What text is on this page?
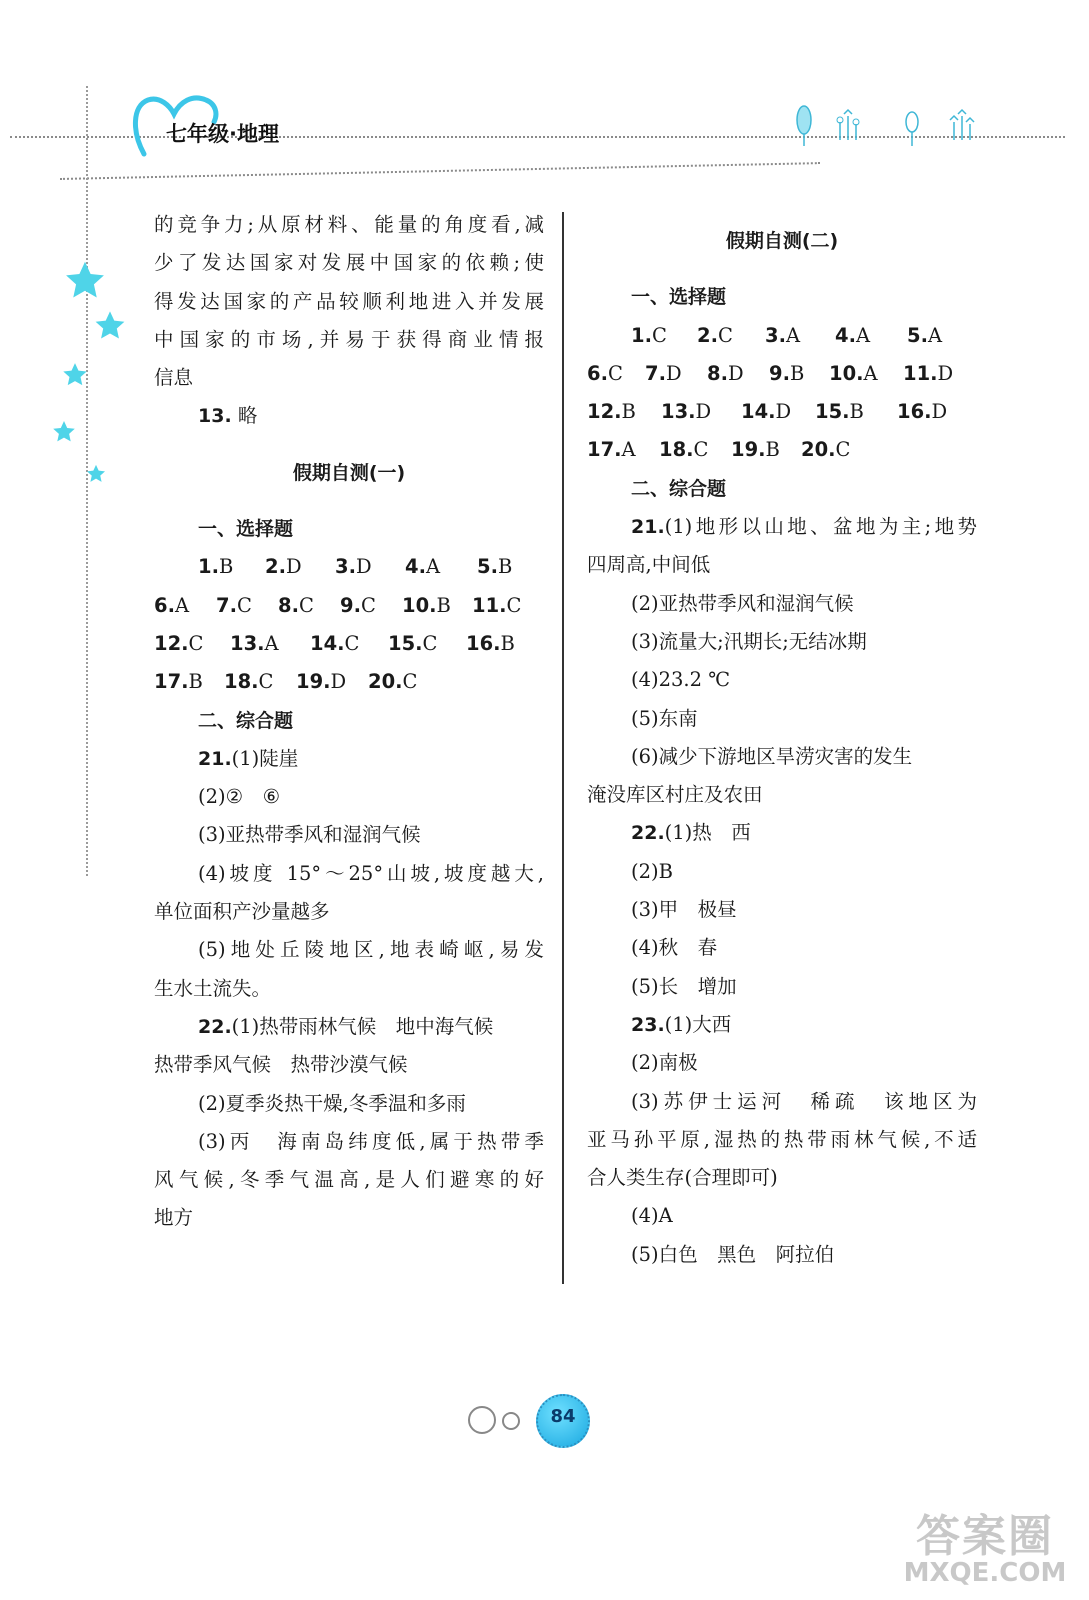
七年级·地理
的竞争力;从原材料、能量的角度看,减
少了发达国家对发展中国家的依赖;使
得发达国家的产品较顺利地进入并发展
中国家的市场,并易于获得商业情报
信息
13. 略
假期自测(一)
一、选择题
1.B 2.D 3.D 4.A 5.B
6.A 7.C 8.C 9.C 10.B 11.C
12.C 13.A 14.C 15.C 16.B
17.B 18.C 19.D 20.C
二、综合题
21.(1)陡崖
(2)②　⑥
(3)亚热带季风和湿润气候
(4)坡度 15°～25°山坡,坡度越大,
单位面积产沙量越多
(5)地处丘陵地区,地表崎岖,易发
生水土流失。
22.(1)热带雨林气候　地中海气候
热带季风气候　热带沙漠气候
(2)夏季炎热干燥,冬季温和多雨
(3)丙　海南岛纬度低,属于热带季
风气候,冬季气温高,是人们避寒的好
地方
假期自测(二)
一、选择题
1.C 2.C 3.A 4.A 5.A
6.C 7.D 8.D 9.B 10.A 11.D
12.B 13.D 14.D 15.B 16.D
17.A 18.C 19.B 20.C
二、综合题
21.(1)地形以山地、盆地为主;地势
四周高,中间低
(2)亚热带季风和湿润气候
(3)流量大;汛期长;无结冰期
(4)23.2 ℃
(5)东南
(6)减少下游地区旱涝灾害的发生
淹没库区村庄及农田
22.(1)热　西
(2)B
(3)甲　极昼
(4)秋　春
(5)长　增加
23.(1)大西
(2)南极
(3)苏伊士运河　稀疏　该地区为
亚马孙平原,湿热的热带雨林气候,不适
合人类生存(合理即可)
(4)A
(5)白色　黑色　阿拉伯
84
答案圈
MXQE.COM
